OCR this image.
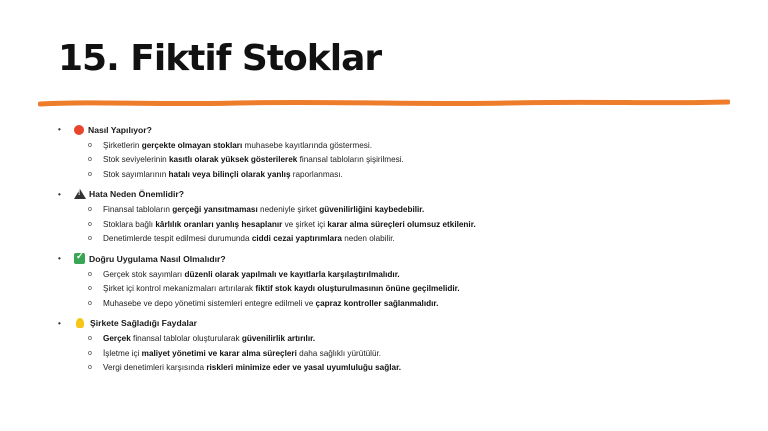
15. Fiktif Stoklar
•	Nasıl Yapılıyor?
o	Şirketlerin gerçekte olmayan stokları muhasebe kayıtlarında göstermesi.
o	Stok seviyelerinin kasıtlı olarak yüksek gösterilerek finansal tabloların şişirilmesi.
o	Stok sayımlarının hatalı veya bilinçli olarak yanlış raporlanması.
• !	Hata Neden Önemlidir?
o	Finansal tabloların gerçeği yansıtmaması nedeniyle şirket güvenilirliğini kaybedebilir.
o	Stoklara bağlı kârlılık oranları yanlış hesaplanır ve şirket içi karar alma süreçleri olumsuz etkilenir.
o	Denetimlerde tespit edilmesi durumunda ciddi cezai yaptırımlara neden olabilir.
• ✓	Doğru Uygulama Nasıl Olmalıdır?
o	Gerçek stok sayımları düzenli olarak yapılmalı ve kayıtlarla karşılaştırılmalıdır.
o	Şirket içi kontrol mekanizmaları artırılarak fiktif stok kaydı oluşturulmasının önüne geçilmelidir.
o	Muhasebe ve depo yönetimi sistemleri entegre edilmeli ve çapraz kontroller sağlanmalıdır.
•	Şirkete Sağladığı Faydalar
o	Gerçek finansal tablolar oluşturularak güvenilirlik artırılır.
o	İşletme içi maliyet yönetimi ve karar alma süreçleri daha sağlıklı yürütülür.
o	Vergi denetimleri karşısında riskleri minimize eder ve yasal uyumluluğu sağlar.
